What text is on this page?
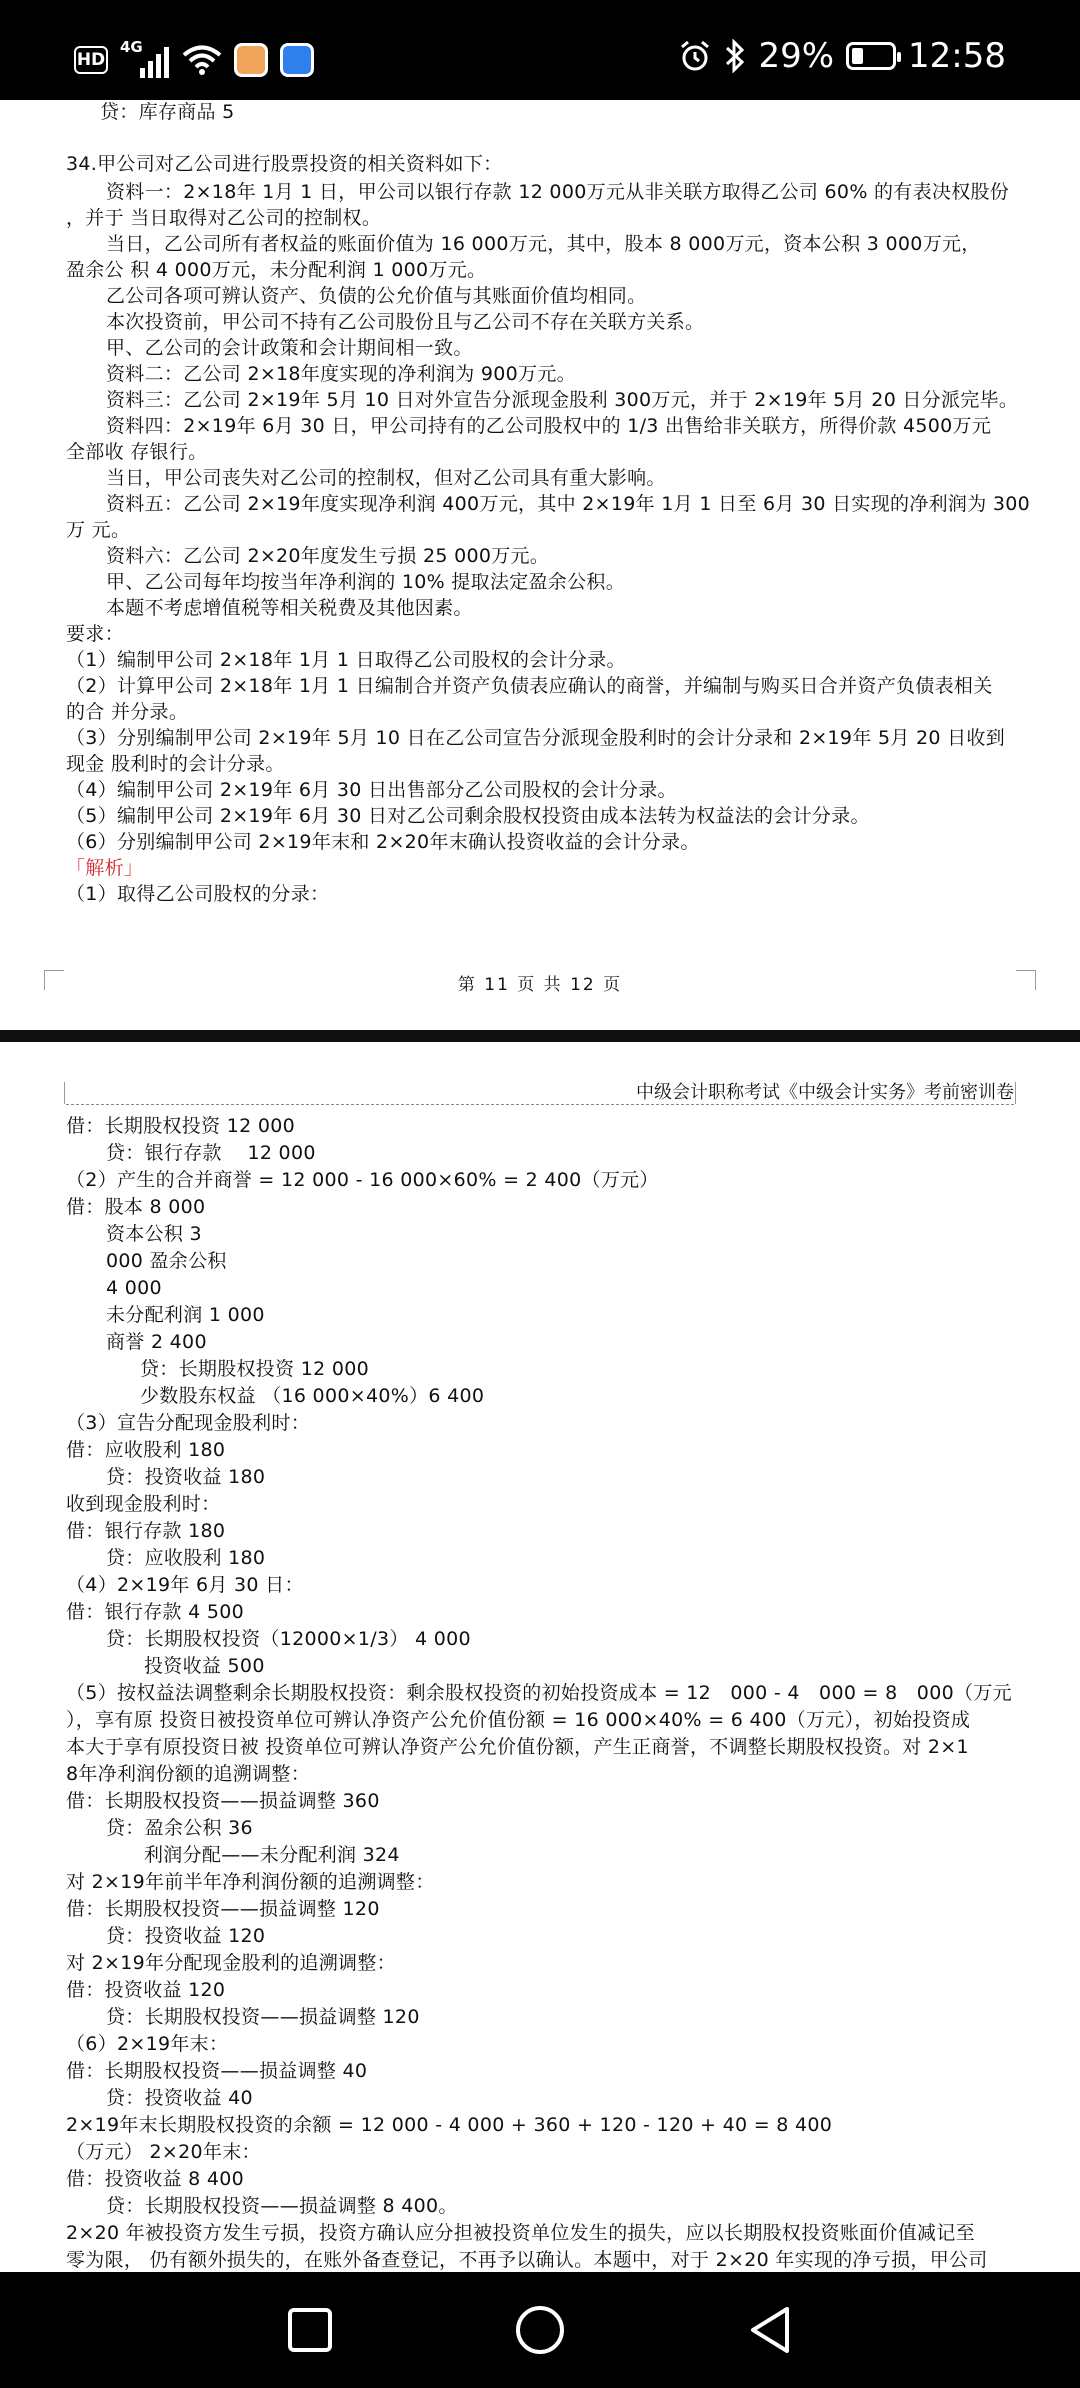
HD
4G	29% 12:58
贷：库存商品 5
34.甲公司对乙公司进行股票投资的相关资料如下：
资料一：2×18年 1月 1 日，甲公司以银行存款 12 000万元从非关联方取得乙公司 60% 的有表决权股份
，并于 当日取得对乙公司的控制权。
当日，乙公司所有者权益的账面价值为 16 000万元，其中，股本 8 000万元，资本公积 3 000万元，
盈余公 积 4 000万元，未分配利润 1 000万元。
乙公司各项可辨认资产、负债的公允价值与其账面价值均相同。
本次投资前，甲公司不持有乙公司股份且与乙公司不存在关联方关系。
甲、乙公司的会计政策和会计期间相一致。
资料二：乙公司 2×18年度实现的净利润为 900万元。
资料三：乙公司 2×19年 5月 10 日对外宣告分派现金股利 300万元，并于 2×19年 5月 20 日分派完毕。
资料四：2×19年 6月 30 日，甲公司持有的乙公司股权中的 1/3 出售给非关联方，所得价款 4500万元
全部收 存银行。
当日，甲公司丧失对乙公司的控制权，但对乙公司具有重大影响。
资料五：乙公司 2×19年度实现净利润 400万元，其中 2×19年 1月 1 日至 6月 30 日实现的净利润为 300
万 元。
资料六：乙公司 2×20年度发生亏损 25 000万元。
甲、乙公司每年均按当年净利润的 10% 提取法定盈余公积。
本题不考虑增值税等相关税费及其他因素。
要求：
（1）编制甲公司 2×18年 1月 1 日取得乙公司股权的会计分录。
（2）计算甲公司 2×18年 1月 1 日编制合并资产负债表应确认的商誉，并编制与购买日合并资产负债表相关
的合 并分录。
（3）分别编制甲公司 2×19年 5月 10 日在乙公司宣告分派现金股利时的会计分录和 2×19年 5月 20 日收到
现金 股利时的会计分录。
（4）编制甲公司 2×19年 6月 30 日出售部分乙公司股权的会计分录。
（5）编制甲公司 2×19年 6月 30 日对乙公司剩余股权投资由成本法转为权益法的会计分录。
（6）分别编制甲公司 2×19年末和 2×20年末确认投资收益的会计分录。
「解析」
（1）取得乙公司股权的分录：
第 11 页 共 12 页
中级会计职称考试《中级会计实务》考前密训卷
借：长期股权投资 12 000
贷：银行存款　 12 000
（2）产生的合并商誉 = 12 000 - 16 000×60% = 2 400（万元）
借：股本 8 000
资本公积 3
000 盈余公积
4 000
未分配利润 1 000
商誉 2 400
贷：长期股权投资 12 000
少数股东权益 （16 000×40%）6 400
（3）宣告分配现金股利时：
借：应收股利 180
贷：投资收益 180
收到现金股利时：
借：银行存款 180
贷：应收股利 180
（4）2×19年 6月 30 日：
借：银行存款 4 500
贷：长期股权投资（12000×1/3） 4 000
投资收益 500
（5）按权益法调整剩余长期股权投资：剩余股权投资的初始投资成本 = 12　000 - 4　000 = 8　000（万元
），享有原 投资日被投资单位可辨认净资产公允价值份额 = 16 000×40% = 6 400（万元），初始投资成
本大于享有原投资日被 投资单位可辨认净资产公允价值份额，产生正商誉，不调整长期股权投资。对 2×1
8年净利润份额的追溯调整：
借：长期股权投资——损益调整 360
贷：盈余公积 36
利润分配——未分配利润 324
对 2×19年前半年净利润份额的追溯调整：
借：长期股权投资——损益调整 120
贷：投资收益 120
对 2×19年分配现金股利的追溯调整：
借：投资收益 120
贷：长期股权投资——损益调整 120
（6）2×19年末：
借：长期股权投资——损益调整 40
贷：投资收益 40
2×19年末长期股权投资的余额 = 12 000 - 4 000 + 360 + 120 - 120 + 40 = 8 400
（万元） 2×20年末：
借：投资收益 8 400
贷：长期股权投资——损益调整 8 400。
2×20 年被投资方发生亏损，投资方确认应分担被投资单位发生的损失，应以长期股权投资账面价值减记至
零为限， 仍有额外损失的，在账外备查登记，不再予以确认。本题中，对于 2×20 年实现的净亏损，甲公司
